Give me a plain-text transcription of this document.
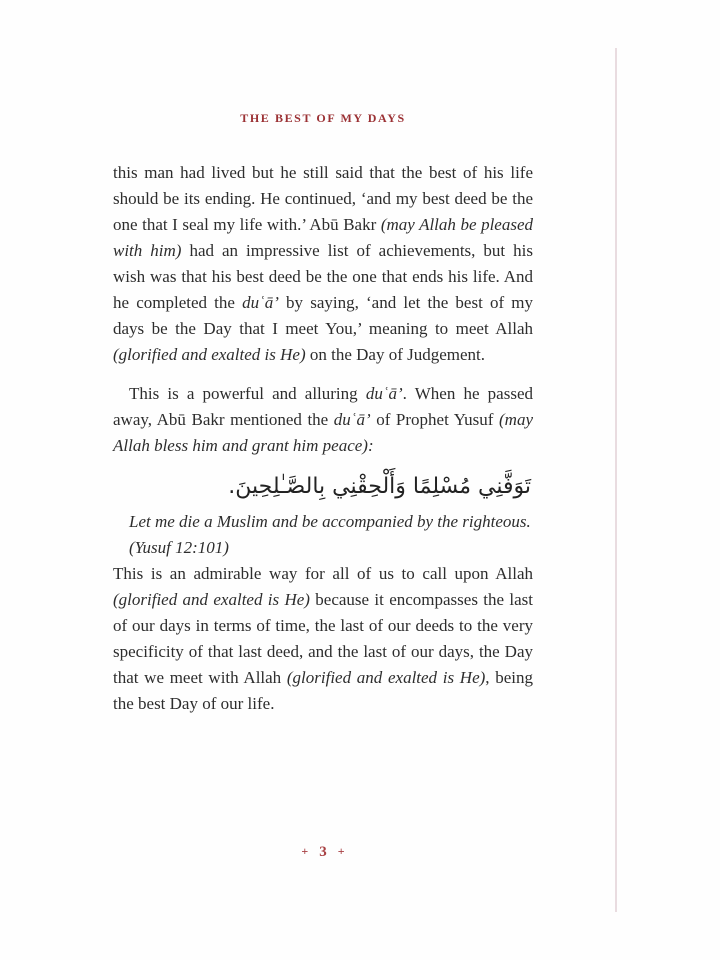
THE BEST OF MY DAYS

this man had lived but he still said that the best of his life should be its ending. He continued, ‘and my best deed be the one that I seal my life with.’ Abū Bakr (may Allah be pleased with him) had an impressive list of achievements, but his wish was that his best deed be the one that ends his life. And he completed the duʿā’ by saying, ‘and let the best of my days be the Day that I meet You,’ meaning to meet Allah (glorified and exalted is He) on the Day of Judgement.

This is a powerful and alluring duʿā’. When he passed away, Abū Bakr mentioned the duʿā’ of Prophet Yusuf (may Allah bless him and grant him peace):

تَوَفَّنِي مُسْلِمًا وَأَلْحِقْنِي بِالصَّـٰلِحِينَ.
Let me die a Muslim and be accompanied by the righteous.
(Yusuf 12:101)

This is an admirable way for all of us to call upon Allah (glorified and exalted is He) because it encompasses the last of our days in terms of time, the last of our deeds to the very specificity of that last deed, and the last of our days, the Day that we meet with Allah (glorified and exalted is He), being the best Day of our life.

+ 3 +
